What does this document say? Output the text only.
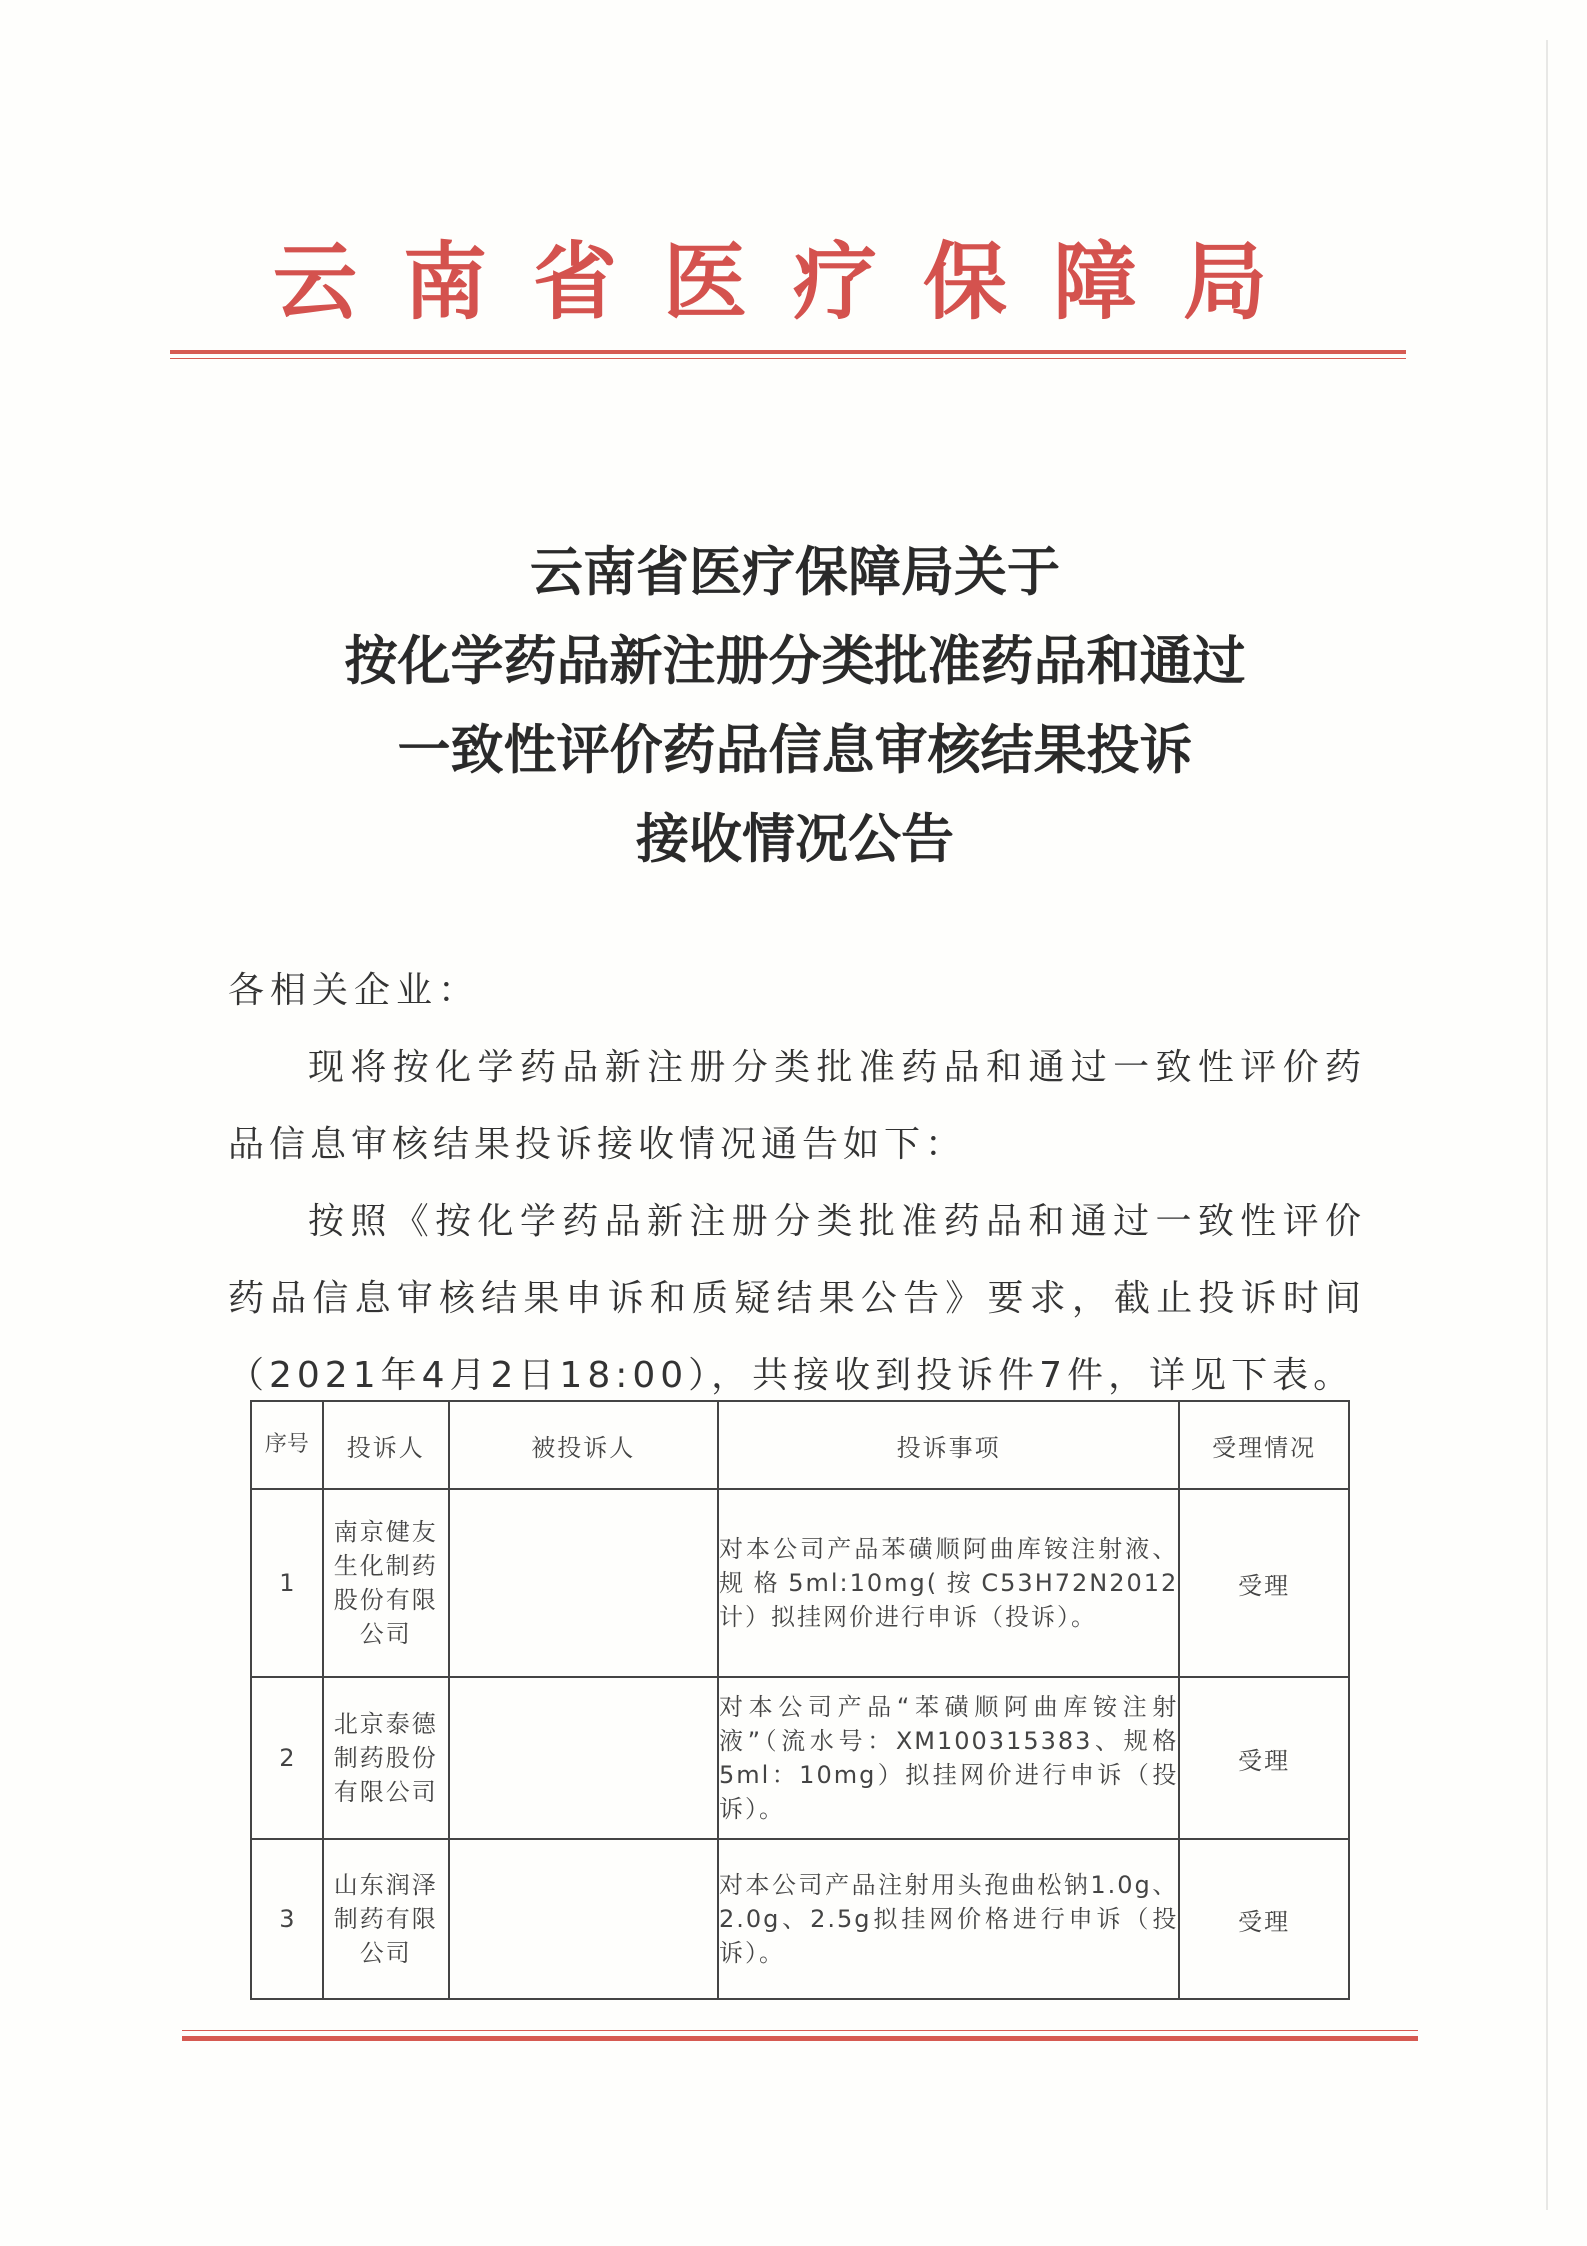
云南省医疗保障局
云南省医疗保障局关于
按化学药品新注册分类批准药品和通过
一致性评价药品信息审核结果投诉
接收情况公告
各相关企业：
现将按化学药品新注册分类批准药品和通过一致性评价药品信息审核结果投诉接收情况通告如下：
按照《按化学药品新注册分类批准药品和通过一致性评价药品信息审核结果申诉和质疑结果公告》要求，截止投诉时间（2021年4月2日18:00），共接收到投诉件7件，详见下表。
序号	投诉人	被投诉人	投诉事项	受理情况
1	南京健友生化制药股份有限公司		对本公司产品苯磺顺阿曲库铵注射液、规格5ml:10mg(按C53H72N2012计）拟挂网价进行申诉（投诉）。	受理
2	北京泰德制药股份有限公司		对本公司产品“苯磺顺阿曲库铵注射液”（流水号：XM100315383、规格5ml：10mg）拟挂网价进行申诉（投诉）。	受理
3	山东润泽制药有限公司		对本公司产品注射用头孢曲松钠1.0g、2.0g、2.5g拟挂网价格进行申诉（投诉）。	受理
